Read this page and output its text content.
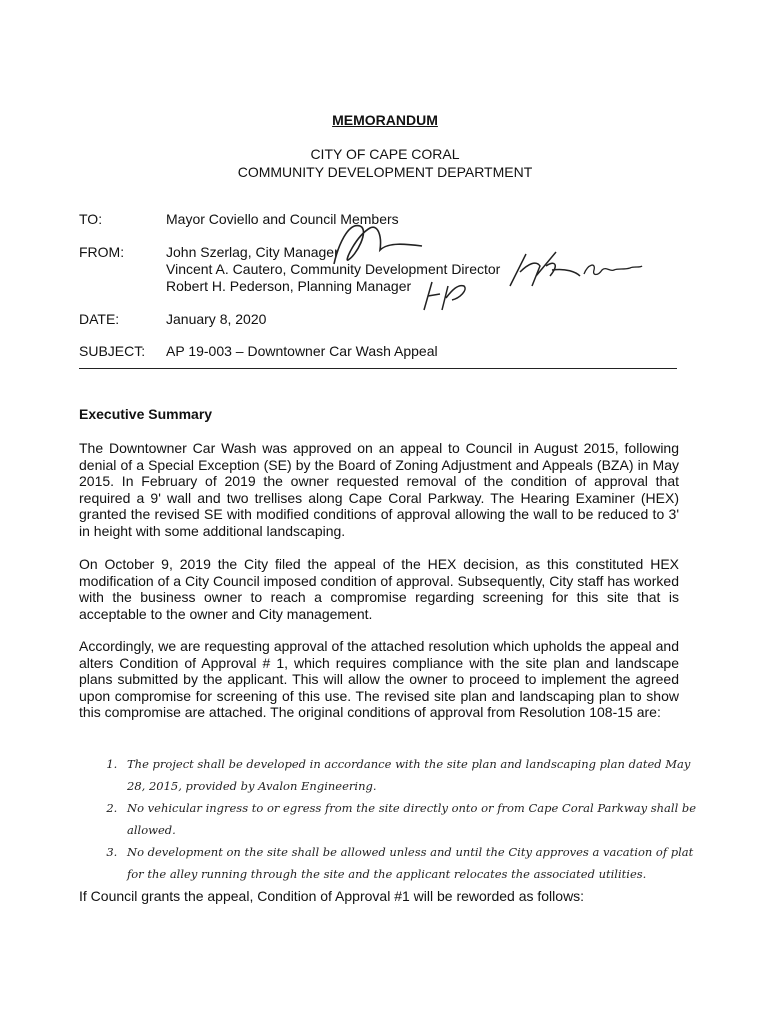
MEMORANDUM
CITY OF CAPE CORAL
COMMUNITY DEVELOPMENT DEPARTMENT
TO:	Mayor Coviello and Council Members
FROM:	John Szerlag, City Manager
Vincent A. Cautero, Community Development Director
Robert H. Pederson, Planning Manager
DATE:	January 8, 2020
SUBJECT: AP 19-003 – Downtowner Car Wash Appeal
Executive Summary

The Downtowner Car Wash was approved on an appeal to Council in August 2015, following denial of a Special Exception (SE) by the Board of Zoning Adjustment and Appeals (BZA) in May 2015. In February of 2019 the owner requested removal of the condition of approval that required a 9' wall and two trellises along Cape Coral Parkway. The Hearing Examiner (HEX) granted the revised SE with modified conditions of approval allowing the wall to be reduced to 3' in height with some additional landscaping.

On October 9, 2019 the City filed the appeal of the HEX decision, as this constituted HEX modification of a City Council imposed condition of approval. Subsequently, City staff has worked with the business owner to reach a compromise regarding screening for this site that is acceptable to the owner and City management.

Accordingly, we are requesting approval of the attached resolution which upholds the appeal and alters Condition of Approval # 1, which requires compliance with the site plan and landscape plans submitted by the applicant. This will allow the owner to proceed to implement the agreed upon compromise for screening of this use. The revised site plan and landscaping plan to show this compromise are attached. The original conditions of approval from Resolution 108-15 are:

1. The project shall be developed in accordance with the site plan and landscaping plan dated May 28, 2015, provided by Avalon Engineering.
2. No vehicular ingress to or egress from the site directly onto or from Cape Coral Parkway shall be allowed.
3. No development on the site shall be allowed unless and until the City approves a vacation of plat for the alley running through the site and the applicant relocates the associated utilities.

If Council grants the appeal, Condition of Approval #1 will be reworded as follows:
